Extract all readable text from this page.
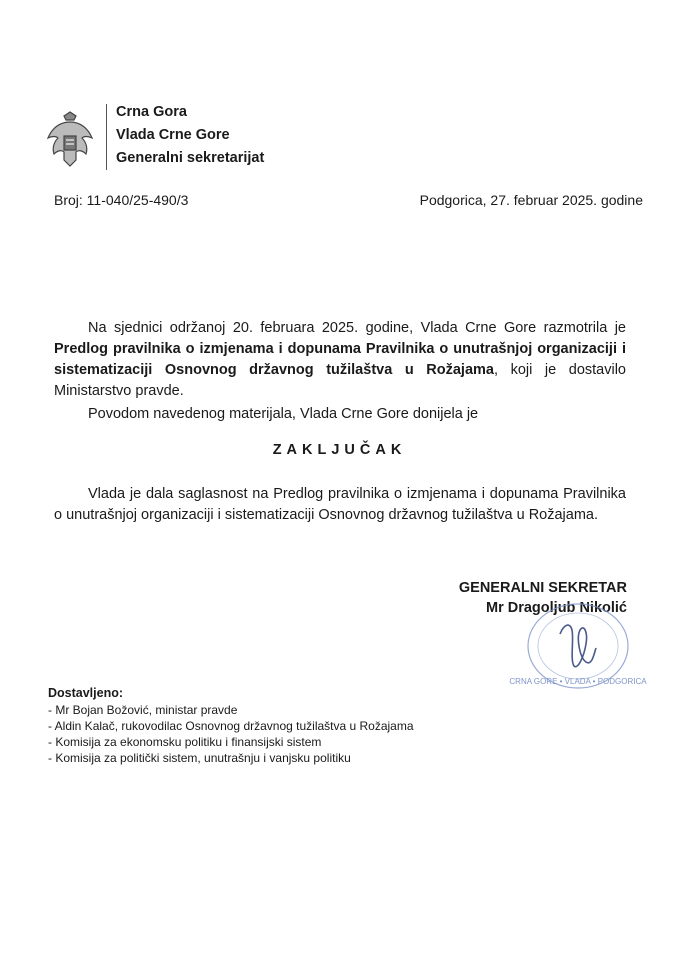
Crna Gora
Vlada Crne Gore
Generalni sekretarijat
Broj: 11-040/25-490/3	Podgorica, 27. februar 2025. godine
Na sjednici održanoj 20. februara 2025. godine, Vlada Crne Gore razmotrila je Predlog pravilnika o izmjenama i dopunama Pravilnika o unutrašnjoj organizaciji i sistematizaciji Osnovnog državnog tužilaštva u Rožajama, koji je dostavilo Ministarstvo pravde.
Povodom navedenog materijala, Vlada Crne Gore donijela je
ZAKLJUČAK
Vlada je dala saglasnost na Predlog pravilnika o izmjenama i dopunama Pravilnika o unutrašnjoj organizaciji i sistematizaciji Osnovnog državnog tužilaštva u Rožajama.
GENERALNI SEKRETAR
Mr Dragoljub Nikolić
CRNA GORE • VLADA • PODGORICA
Dostavljeno:
- Mr Bojan Božović, ministar pravde
- Aldin Kalač, rukovodilac Osnovnog državnog tužilaštva u Rožajama
- Komisija za ekonomsku politiku i finansijski sistem
- Komisija za politički sistem, unutrašnju i vanjsku politiku
